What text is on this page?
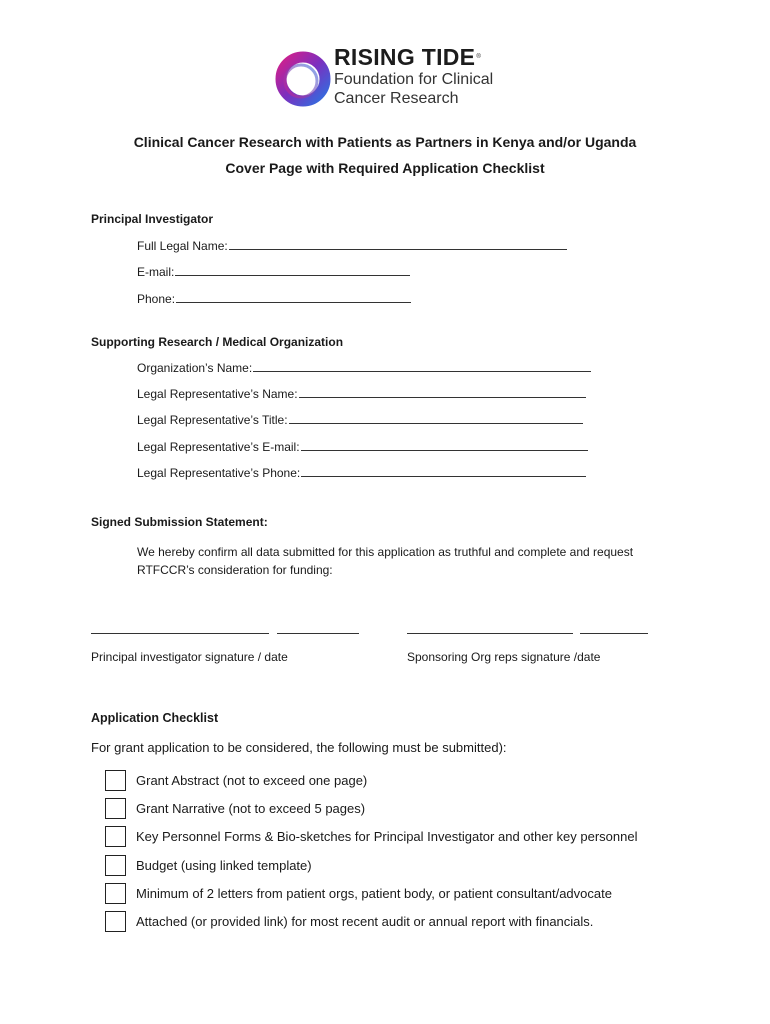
RISING TIDE®
Foundation for Clinical
Cancer Research
Clinical Cancer Research with Patients as Partners in Kenya and/or Uganda
Cover Page with Required Application Checklist
Principal Investigator
Full Legal Name:
E-mail:
Phone:
Supporting Research / Medical Organization
Organization’s Name:
Legal Representative’s Name:
Legal Representative’s Title:
Legal Representative’s E-mail:
Legal Representative’s Phone:
Signed Submission Statement:
We hereby confirm all data submitted for this application as truthful and complete and request
RTFCCR’s consideration for funding:
Principal investigator signature / date	Sponsoring Org reps signature /date
Application Checklist
For grant application to be considered, the following must be submitted):
Grant Abstract (not to exceed one page)
Grant Narrative (not to exceed 5 pages)
Key Personnel Forms & Bio-sketches for Principal Investigator and other key personnel
Budget (using linked template)
Minimum of 2 letters from patient orgs, patient body, or patient consultant/advocate
Attached (or provided link) for most recent audit or annual report with financials.
